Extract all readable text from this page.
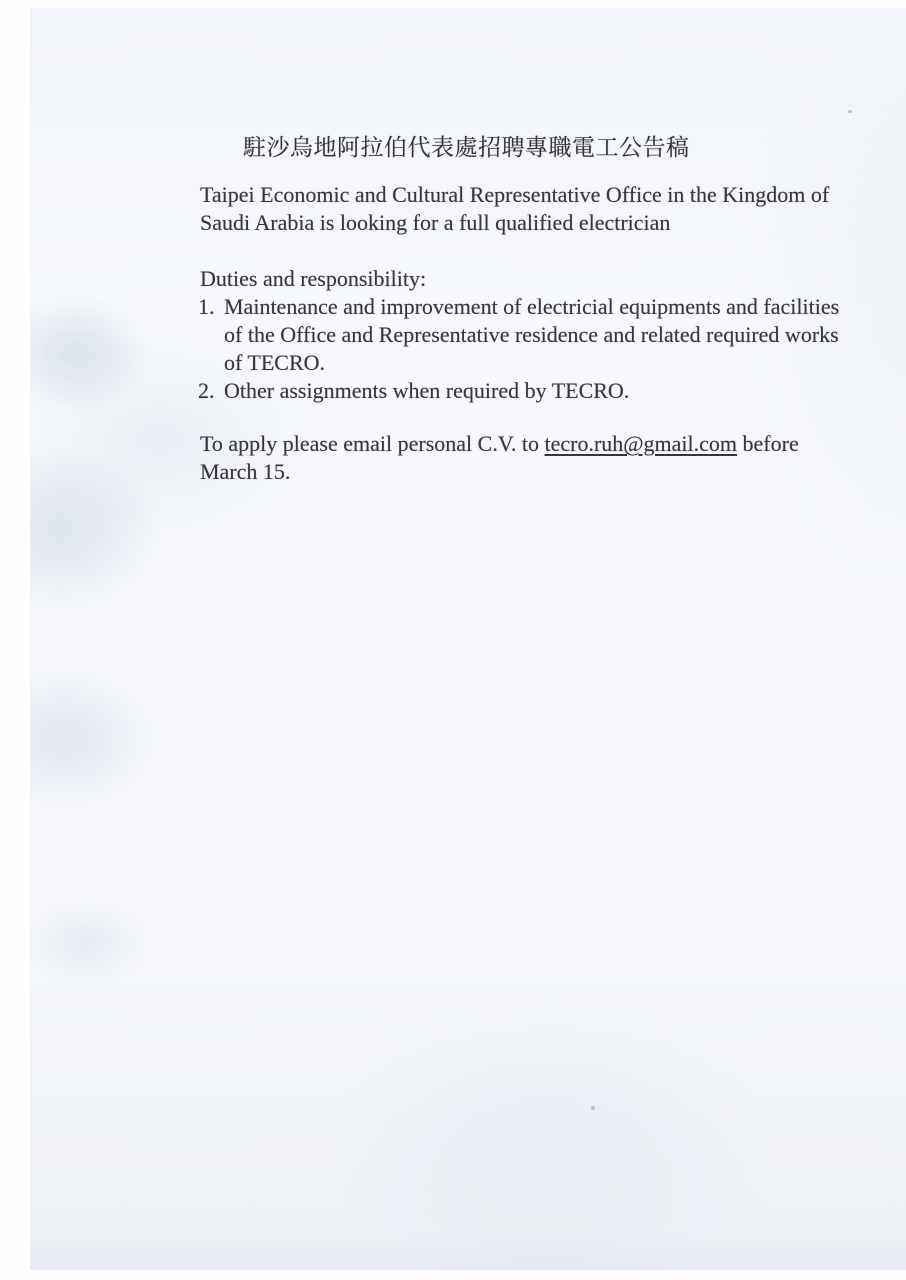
駐沙烏地阿拉伯代表處招聘專職電工公告稿
Taipei Economic and Cultural Representative Office in the Kingdom of
Saudi Arabia is looking for a full qualified electrician
Duties and responsibility:
1. Maintenance and improvement of electricial equipments and facilities
of the Office and Representative residence and related required works
of TECRO.
2. Other assignments when required by TECRO.
To apply please email personal C.V. to tecro.ruh@gmail.com before
March 15.
